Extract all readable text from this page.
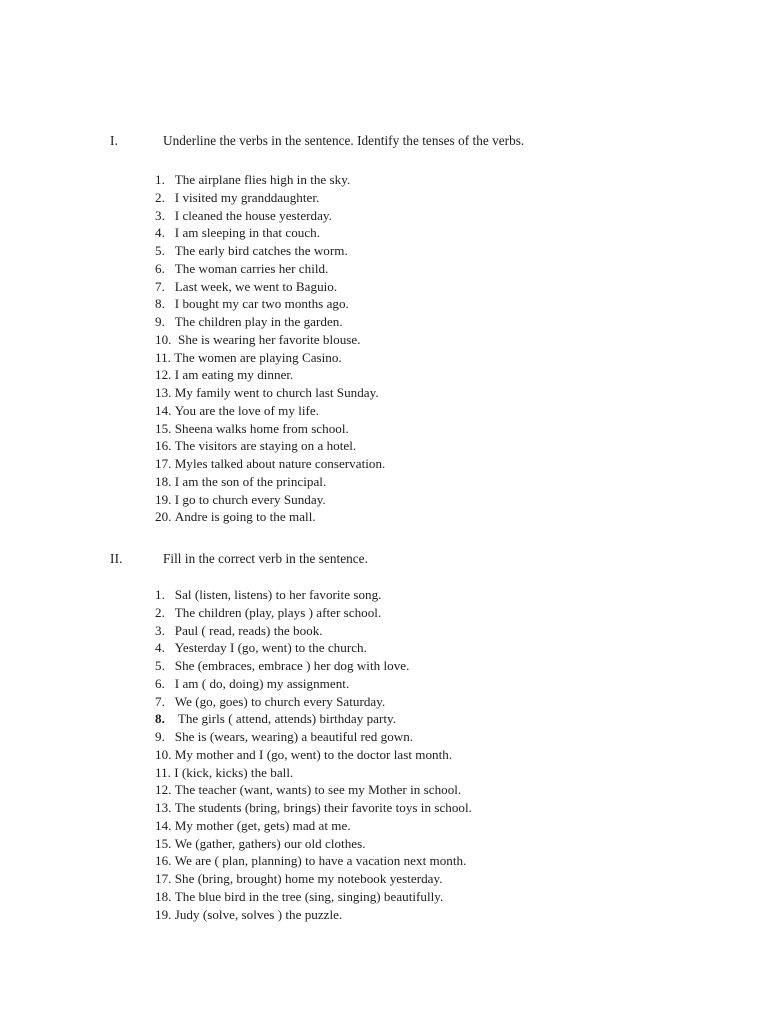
I.

	Underline the verbs in the sentence. Identify the tenses of the verbs.

1. The airplane flies high in the sky.
2. I visited my granddaughter.
3. I cleaned the house yesterday.
4. I am sleeping in that couch.
5. The early bird catches the worm.
6. The woman carries her child.
7. Last week, we went to Baguio.
8. I bought my car two months ago.
9. The children play in the garden.
10.  She is wearing her favorite blouse.
11. The women are playing Casino.
12. I am eating my dinner.
13. My family went to church last Sunday.
14. You are the love of my life.
15. Sheena walks home from school.
16. The visitors are staying on a hotel.
17. Myles talked about nature conservation.
18. I am the son of the principal.
19. I go to church every Sunday.
20. Andre is going to the mall.

II.

	Fill in the correct verb in the sentence.

1. Sal (listen, listens) to her favorite song.
2. The children (play, plays ) after school.
3. Paul ( read, reads) the book.
4. Yesterday I (go, went) to the church.
5. She (embraces, embrace ) her dog with love.
6. I am ( do, doing) my assignment.
7. We (go, goes) to church every Saturday.
8.    The girls ( attend, attends) birthday party.
9. She is (wears, wearing) a beautiful red gown.
10. My mother and I (go, went) to the doctor last month.
11. I (kick, kicks) the ball.
12. The teacher (want, wants) to see my Mother in school.
13. The students (bring, brings) their favorite toys in school.
14. My mother (get, gets) mad at me.
15. We (gather, gathers) our old clothes.
16. We are ( plan, planning) to have a vacation next month.
17. She (bring, brought) home my notebook yesterday.
18. The blue bird in the tree (sing, singing) beautifully.
19. Judy (solve, solves ) the puzzle.
